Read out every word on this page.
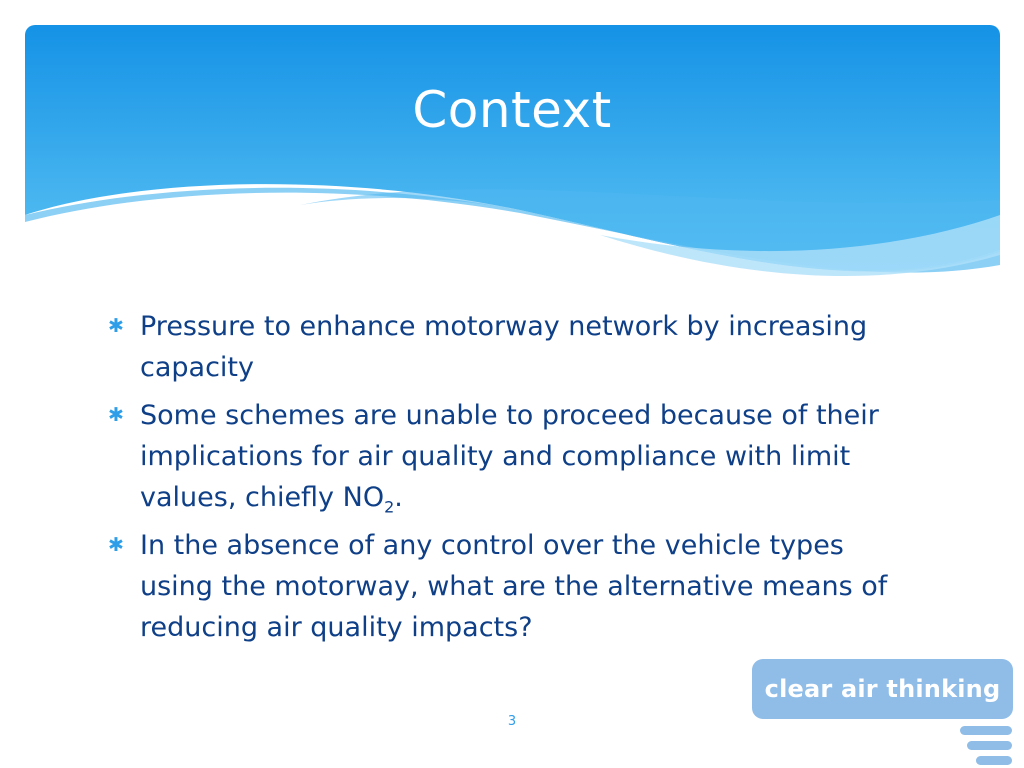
Context
✱ Pressure to enhance motorway network by increasing capacity
✱ Some schemes are unable to proceed because of their implications for air quality and compliance with limit values, chiefly $NO_2$.
✱ In the absence of any control over the vehicle types using the motorway, what are the alternative means of reducing air quality impacts?
clear air thinking
3
